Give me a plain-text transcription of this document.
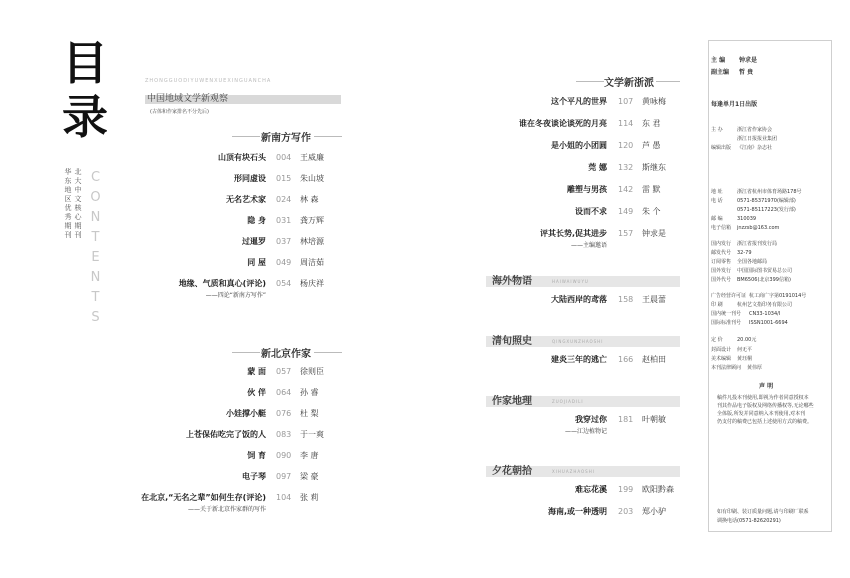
目
录
CONTENTS
华东地区优秀期刊
北大中文核心期刊
ZHONGGUODIYUWENXUEXINGUANCHA
中国地域文学新观察
(古体和作家排名不分先后)
新南方写作
山顶有块石头 004 王威廉
形同虚设 015 朱山坡
无名艺术家 024 林 森
隐 身 031 龚万辉
过暹罗 037 林培源
同 屋 049 周洁茹
地缘、气质和真心(评论) 054 杨庆祥
——四论“新南方写作”
新北京作家
蒙 面 057 徐则臣
伙 伴 064 孙 睿
小娃撑小艇 076 杜 梨
上苍保佑吃完了饭的人 083 于一爽
饲 育 090 李 唐
电子琴 097 梁 豪
在北京,“无名之辈”如何生存(评论) 104 张 莉
——关于新北京作家群的写作
文学新浙派
这个平凡的世界 107 黄咏梅
谁在冬夜谈论谈死的月亮 114 东 君
是小姐的小团圆 120 芦 愚
莞 娜 132 斯继东
雕塑与男孩 142 雷 默
设而不求 149 朱 个
评其长势,促其进步 157 钟求是
——主编邀语
海外物语	HAIWAIWUYU
大陆西岸的鸢落 158 王晨蕾
清旬照史	QINGXUNZHAOSHI
建炎三年的逃亡 166 赵柏田
作家地理	ZUOJIADILI
我穿过你 181 叶朝敏
——江边植物记
夕花朝拾	XIHUAZHAOSHI
难忘花溪 199 欧阳黔森
海南,或一种透明 203 郑小驴
主 编 钟求是
副主编 哲 贵
每逢单月1日出版
主 办	浙江省作家协会
浙江日报报业集团
编辑出版 《江南》杂志社
地 址	浙江省杭州市体育场路178号
电 话	0571-85371970(编辑部)
0571-85117223(发行部)
邮 编	310039
电子信箱 jnzzsb@163.com
国内发行 浙江省报刊发行局
邮发代号 32-79
订阅零售 全国各地邮局
国外发行 中国国际图书贸易总公司
国外代号 BM6506(北京399信箱)
广告经营许可证 杭工商广字第0191014号
印 刷	杭州艺文指印务有限公司
国内统一刊号 CN33-1034/I
国际标准刊号 ISSN1001-6694
定 价	20.00元
封面设计 何无平
美术编辑 黄珏桐
本刊法律顾问 黄伟厚
声 明
稿件凡投本刊使用,即视为作者同意授权本
刊其作品电子版权及网络传播权等,无论哪些
全体版,所发并同意纳入本刊使用,对本刊
仍支付的稿费已包括上述使用方式的稿费。
如有印刷、装订质量问题,请与印刷厂联系
调换电话(0571-82620291)
